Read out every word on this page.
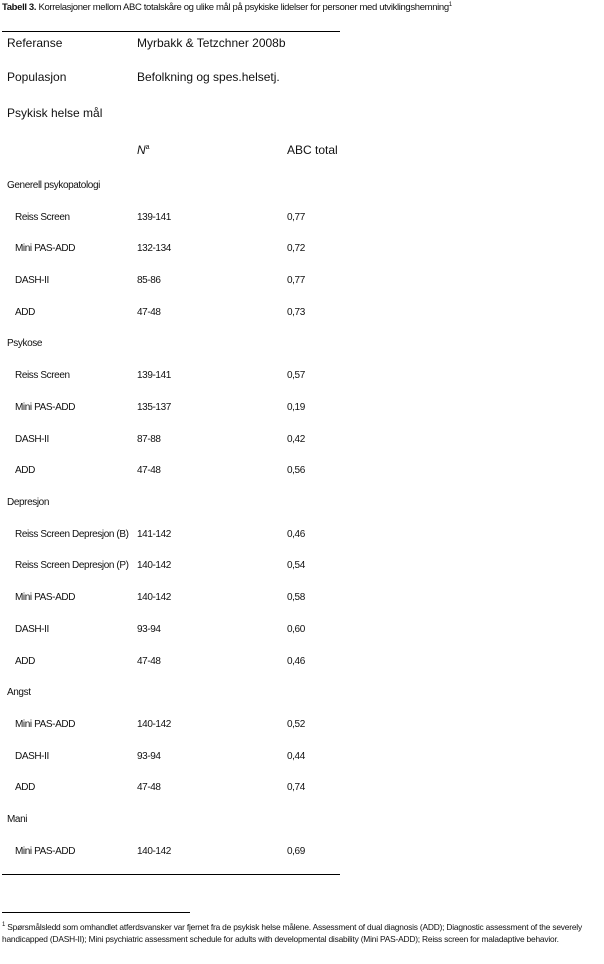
Tabell 3. Korrelasjoner mellom ABC totalskåre og ulike mål på psykiske lidelser for personer med utviklingshemning$^1$
Referanse	Myrbakk & Tetzchner 2008b
Populasjon	Befolkning og spes.helsetj.
Psykisk helse mål
$N^a$	ABC total
Generell psykopatologi
Reiss Screen	139-141	0,77
Mini PAS-ADD	132-134	0,72
DASH-II	85-86	0,77
ADD	47-48	0,73
Psykose
Reiss Screen	139-141	0,57
Mini PAS-ADD	135-137	0,19
DASH-II	87-88	0,42
ADD	47-48	0,56
Depresjon
Reiss Screen Depresjon (B) 141-142	0,46
Reiss Screen Depresjon (P) 140-142	0,54
Mini PAS-ADD	140-142	0,58
DASH-II	93-94	0,60
ADD	47-48	0,46
Angst
Mini PAS-ADD	140-142	0,52
DASH-II	93-94	0,44
ADD	47-48	0,74
Mani
Mini PAS-ADD	140-142	0,69
$^1$ Spørsmålsledd som omhandlet atferdsvansker var fjernet fra de psykisk helse målene. Assessment of dual diagnosis (ADD); Diagnostic assessment of the severely handicapped (DASH-II); Mini psychiatric assessment schedule for adults with developmental disability (Mini PAS-ADD); Reiss screen for maladaptive behavior.
